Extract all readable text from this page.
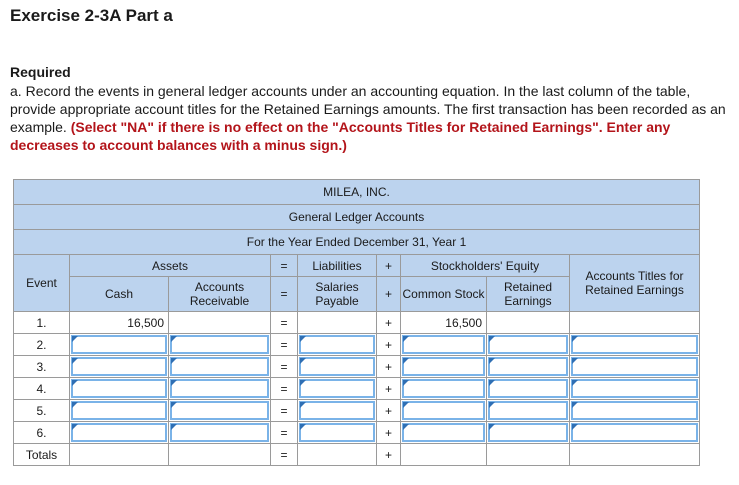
Exercise 2-3A Part a
Required
a. Record the events in general ledger accounts under an accounting equation. In the last column of the table, provide appropriate account titles for the Retained Earnings amounts. The first transaction has been recorded as an example. (Select "NA" if there is no effect on the "Accounts Titles for Retained Earnings". Enter any decreases to account balances with a minus sign.)
MILEA, INC.								
General Ledger Accounts								
For the Year Ended December 31, Year 1								
Event	Assets		=	Liabilities	+	Stockholders' Equity		Accounts Titles for Retained Earnings
	Cash	Accounts Receivable	=	Salaries Payable	+	Common Stock	Retained Earnings	
1.	16,500		=		+	16,500		
2.			=		+	

3.			=		+	

4.			=		+	

5.			=		+	

6.			=		+	

Totals			=		+			
